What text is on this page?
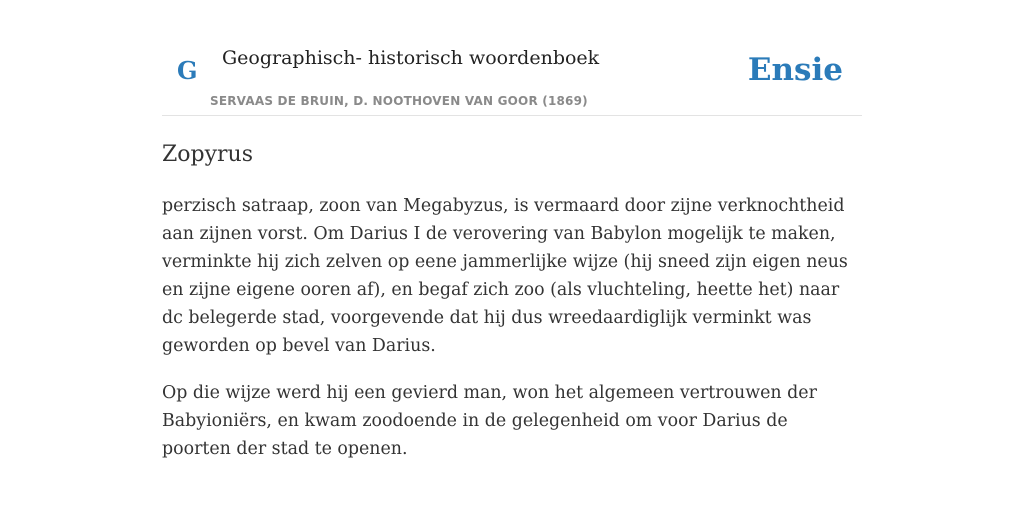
G Geographisch- historisch woordenboek
SERVAAS DE BRUIN, D. NOOTHOVEN VAN GOOR (1869)
Ensie
Zopyrus

perzisch satraap, zoon van Megabyzus, is vermaard door zijne verknochtheid aan zijnen vorst. Om Darius I de verovering van Babylon mogelijk te maken, verminkte hij zich zelven op eene jammerlijke wijze (hij sneed zijn eigen neus en zijne eigene ooren af), en begaf zich zoo (als vluchteling, heette het) naar dc belegerde stad, voorgevende dat hij dus wreedaardiglijk verminkt was geworden op bevel van Darius.

Op die wijze werd hij een gevierd man, won het algemeen vertrouwen der Babyioniërs, en kwam zoodoende in de gelegenheid om voor Darius de poorten der stad te openen.
